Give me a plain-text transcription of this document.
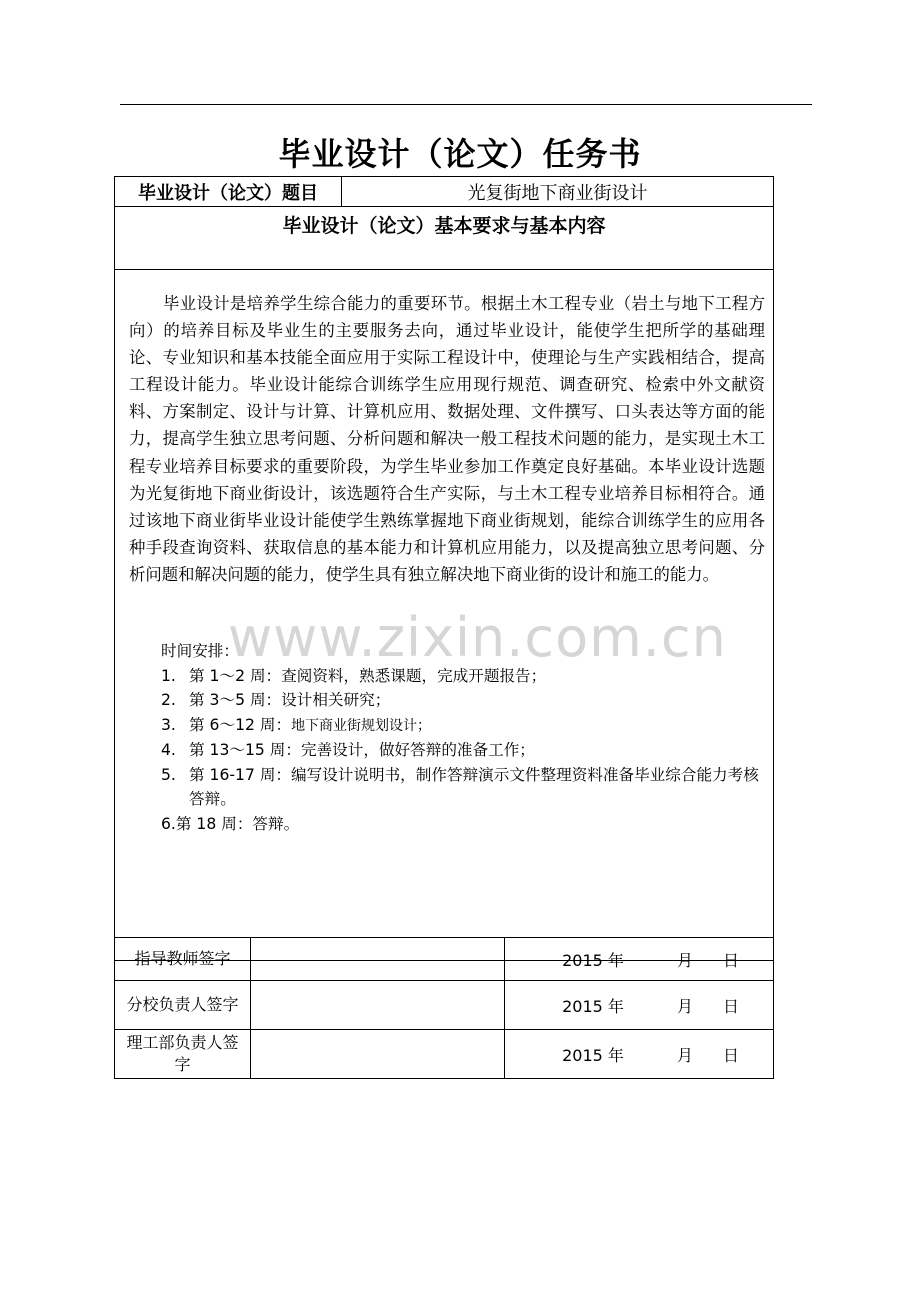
毕业设计（论文）任务书
毕业设计（论文）题目	光复街地下商业街设计
毕业设计（论文）基本要求与基本内容

毕业设计是培养学生综合能力的重要环节。根据土木工程专业（岩土与地下工程方向）的培养目标及毕业生的主要服务去向，通过毕业设计，能使学生把所学的基础理论、专业知识和基本技能全面应用于实际工程设计中，使理论与生产实践相结合，提高工程设计能力。毕业设计能综合训练学生应用现行规范、调查研究、检索中外文献资料、方案制定、设计与计算、计算机应用、数据处理、文件撰写、口头表达等方面的能力，提高学生独立思考问题、分析问题和解决一般工程技术问题的能力，是实现土木工程专业培养目标要求的重要阶段，为学生毕业参加工作奠定良好基础。本毕业设计选题为光复街地下商业街设计，该选题符合生产实际，与土木工程专业培养目标相符合。通过该地下商业街毕业设计能使学生熟练掌握地下商业街规划，能综合训练学生的应用各种手段查询资料、获取信息的基本能力和计算机应用能力，以及提高独立思考问题、分析问题和解决问题的能力，使学生具有独立解决地下商业街的设计和施工的能力。

时间安排：
1. 第 1～2 周：查阅资料，熟悉课题，完成开题报告；
2. 第 3～5 周：设计相关研究；
3. 第 6～12 周：地下商业街规划设计；
4. 第 13～15 周：完善设计，做好答辩的准备工作；
5. 第 16-17 周：编写设计说明书，制作答辩演示文件整理资料准备毕业综合能力考核答辩。
6.第 18 周：答辩。
指导教师签字		2015 年 月 日

分校负责人签字		2015 年 月 日

理工部负责人签字		2015 年 月 日
www.zixin.com.cn
